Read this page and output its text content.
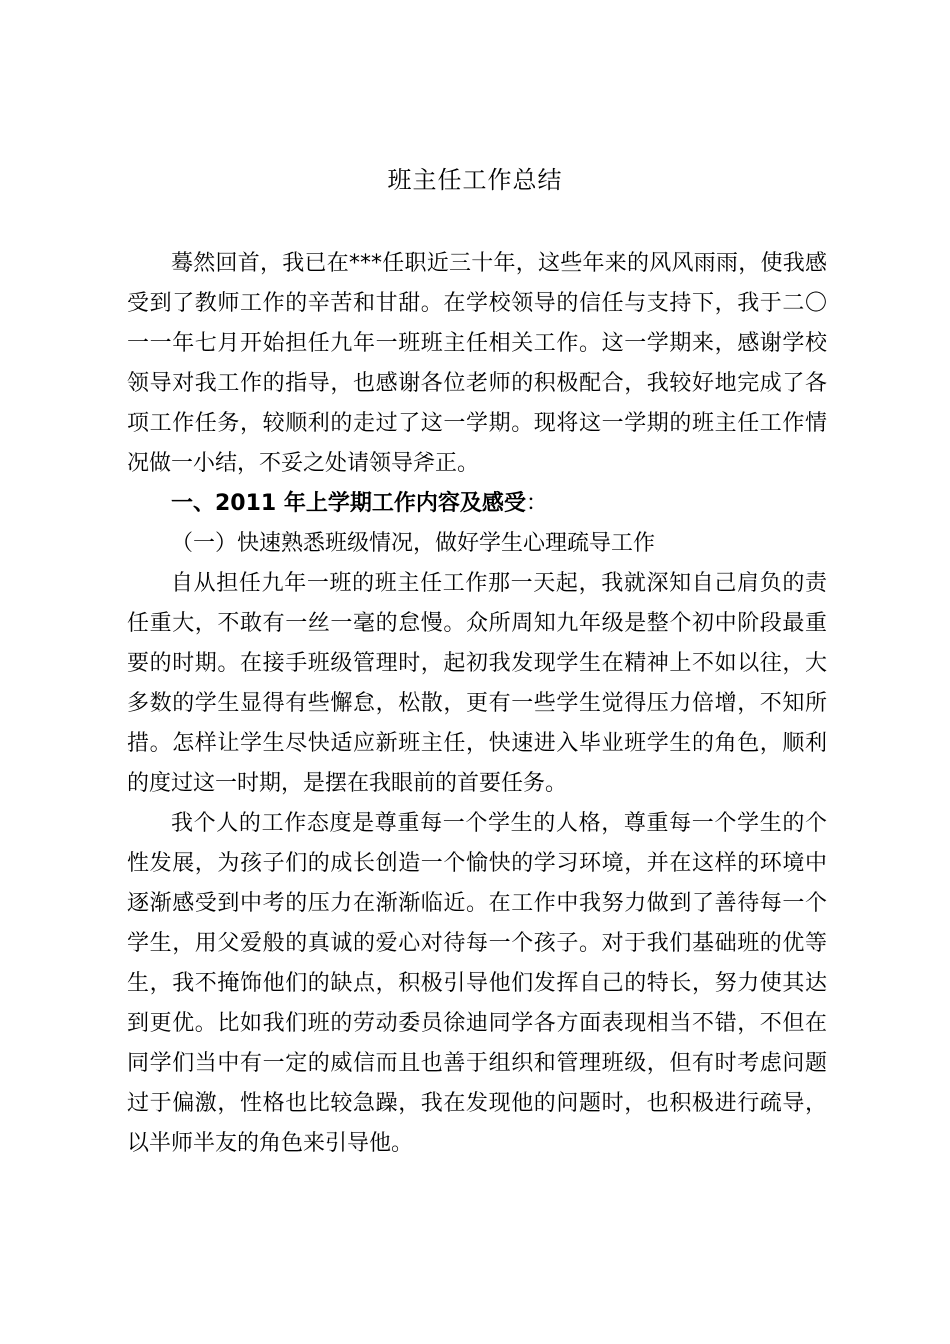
班主任工作总结
蓦然回首，我已在***任职近三十年，这些年来的风风雨雨，使我感
受到了教师工作的辛苦和甘甜。在学校领导的信任与支持下，我于二〇
一一年七月开始担任九年一班班主任相关工作。这一学期来，感谢学校
领导对我工作的指导，也感谢各位老师的积极配合，我较好地完成了各
项工作任务，较顺利的走过了这一学期。现将这一学期的班主任工作情
况做一小结，不妥之处请领导斧正。
一、2011 年上学期工作内容及感受：
（一）快速熟悉班级情况，做好学生心理疏导工作
自从担任九年一班的班主任工作那一天起，我就深知自己肩负的责
任重大，不敢有一丝一毫的怠慢。众所周知九年级是整个初中阶段最重
要的时期。在接手班级管理时，起初我发现学生在精神上不如以往，大
多数的学生显得有些懈怠，松散，更有一些学生觉得压力倍增，不知所
措。怎样让学生尽快适应新班主任，快速进入毕业班学生的角色，顺利
的度过这一时期，是摆在我眼前的首要任务。
我个人的工作态度是尊重每一个学生的人格，尊重每一个学生的个
性发展，为孩子们的成长创造一个愉快的学习环境，并在这样的环境中
逐渐感受到中考的压力在渐渐临近。在工作中我努力做到了善待每一个
学生，用父爱般的真诚的爱心对待每一个孩子。对于我们基础班的优等
生，我不掩饰他们的缺点，积极引导他们发挥自己的特长，努力使其达
到更优。比如我们班的劳动委员徐迪同学各方面表现相当不错，不但在
同学们当中有一定的威信而且也善于组织和管理班级，但有时考虑问题
过于偏激，性格也比较急躁，我在发现他的问题时，也积极进行疏导，
以半师半友的角色来引导他。
